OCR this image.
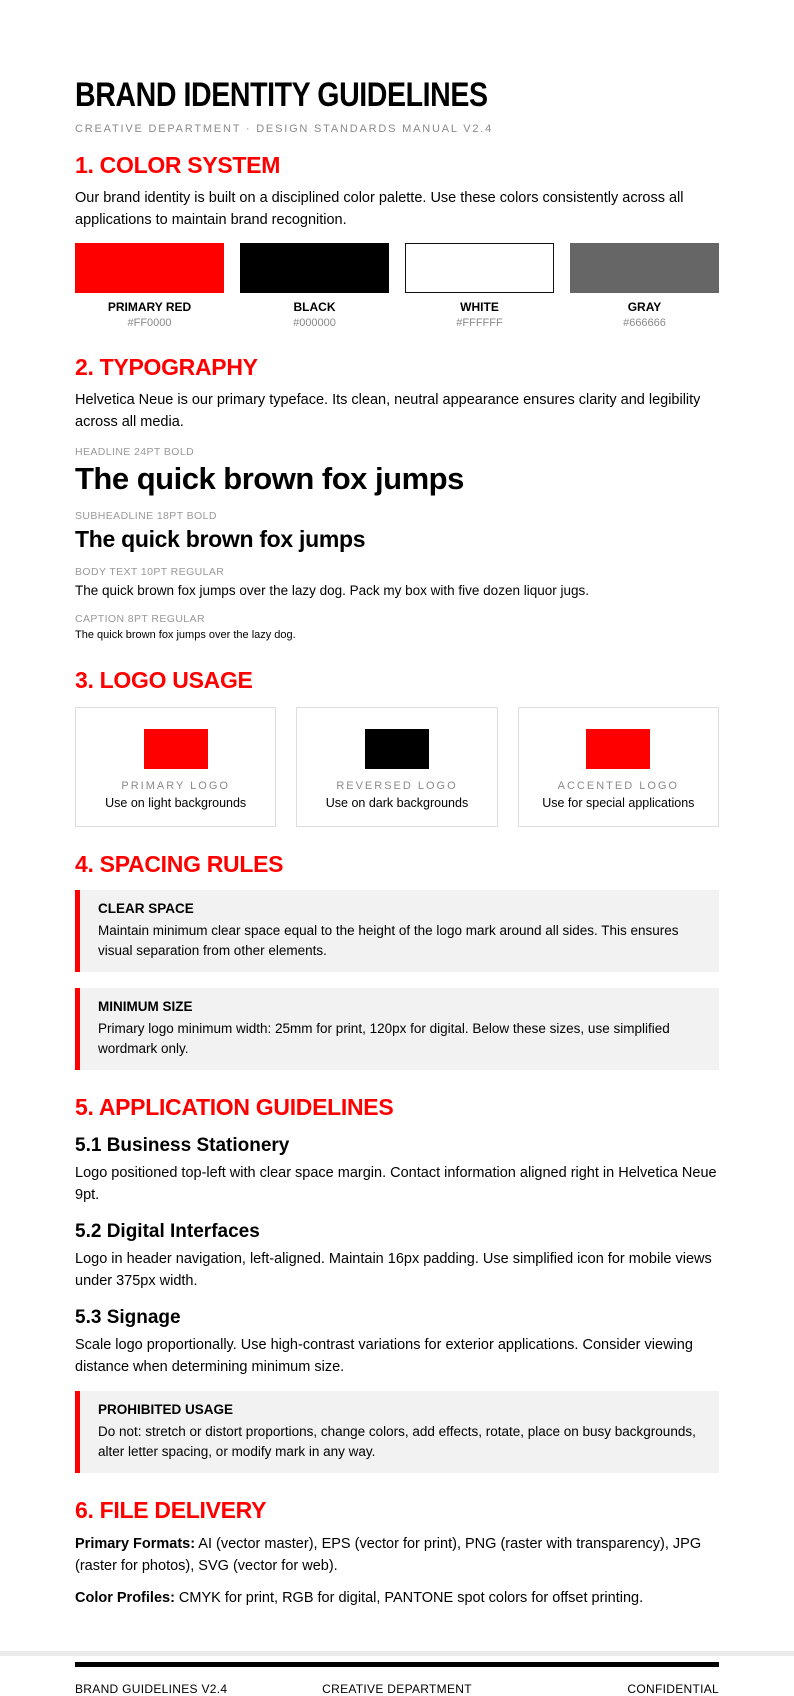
BRAND IDENTITY GUIDELINES
CREATIVE DEPARTMENT · DESIGN STANDARDS MANUAL V2.4
1. COLOR SYSTEM

Our brand identity is built on a disciplined color palette. Use these colors consistently across all applications to maintain brand recognition.

PRIMARY RED
#FF0000
BLACK
#000000
WHITE
#FFFFFF
GRAY
#666666
2. TYPOGRAPHY

Helvetica Neue is our primary typeface. Its clean, neutral appearance ensures clarity and legibility across all media.

HEADLINE 24PT BOLD
The quick brown fox jumps
SUBHEADLINE 18PT BOLD
The quick brown fox jumps
BODY TEXT 10PT REGULAR
The quick brown fox jumps over the lazy dog. Pack my box with five dozen liquor jugs.
CAPTION 8PT REGULAR
The quick brown fox jumps over the lazy dog.
3. LOGO USAGE
PRIMARY LOGO
Use on light backgrounds
REVERSED LOGO
Use on dark backgrounds
ACCENTED LOGO
Use for special applications
4. SPACING RULES
CLEAR SPACE
Maintain minimum clear space equal to the height of the logo mark around all sides. This ensures visual separation from other elements.
MINIMUM SIZE
Primary logo minimum width: 25mm for print, 120px for digital. Below these sizes, use simplified wordmark only.
5. APPLICATION GUIDELINES
5.1 Business Stationery

Logo positioned top-left with clear space margin. Contact information aligned right in Helvetica Neue 9pt.

5.2 Digital Interfaces

Logo in header navigation, left-aligned. Maintain 16px padding. Use simplified icon for mobile views under 375px width.

5.3 Signage

Scale logo proportionally. Use high-contrast variations for exterior applications. Consider viewing distance when determining minimum size.

PROHIBITED USAGE
Do not: stretch or distort proportions, change colors, add effects, rotate, place on busy backgrounds, alter letter spacing, or modify mark in any way.
6. FILE DELIVERY

Primary Formats: AI (vector master), EPS (vector for print), PNG (raster with transparency), JPG (raster for photos), SVG (vector for web).

Color Profiles: CMYK for print, RGB for digital, PANTONE spot colors for offset printing.

BRAND GUIDELINES V2.4	CREATIVE DEPARTMENT	CONFIDENTIAL
